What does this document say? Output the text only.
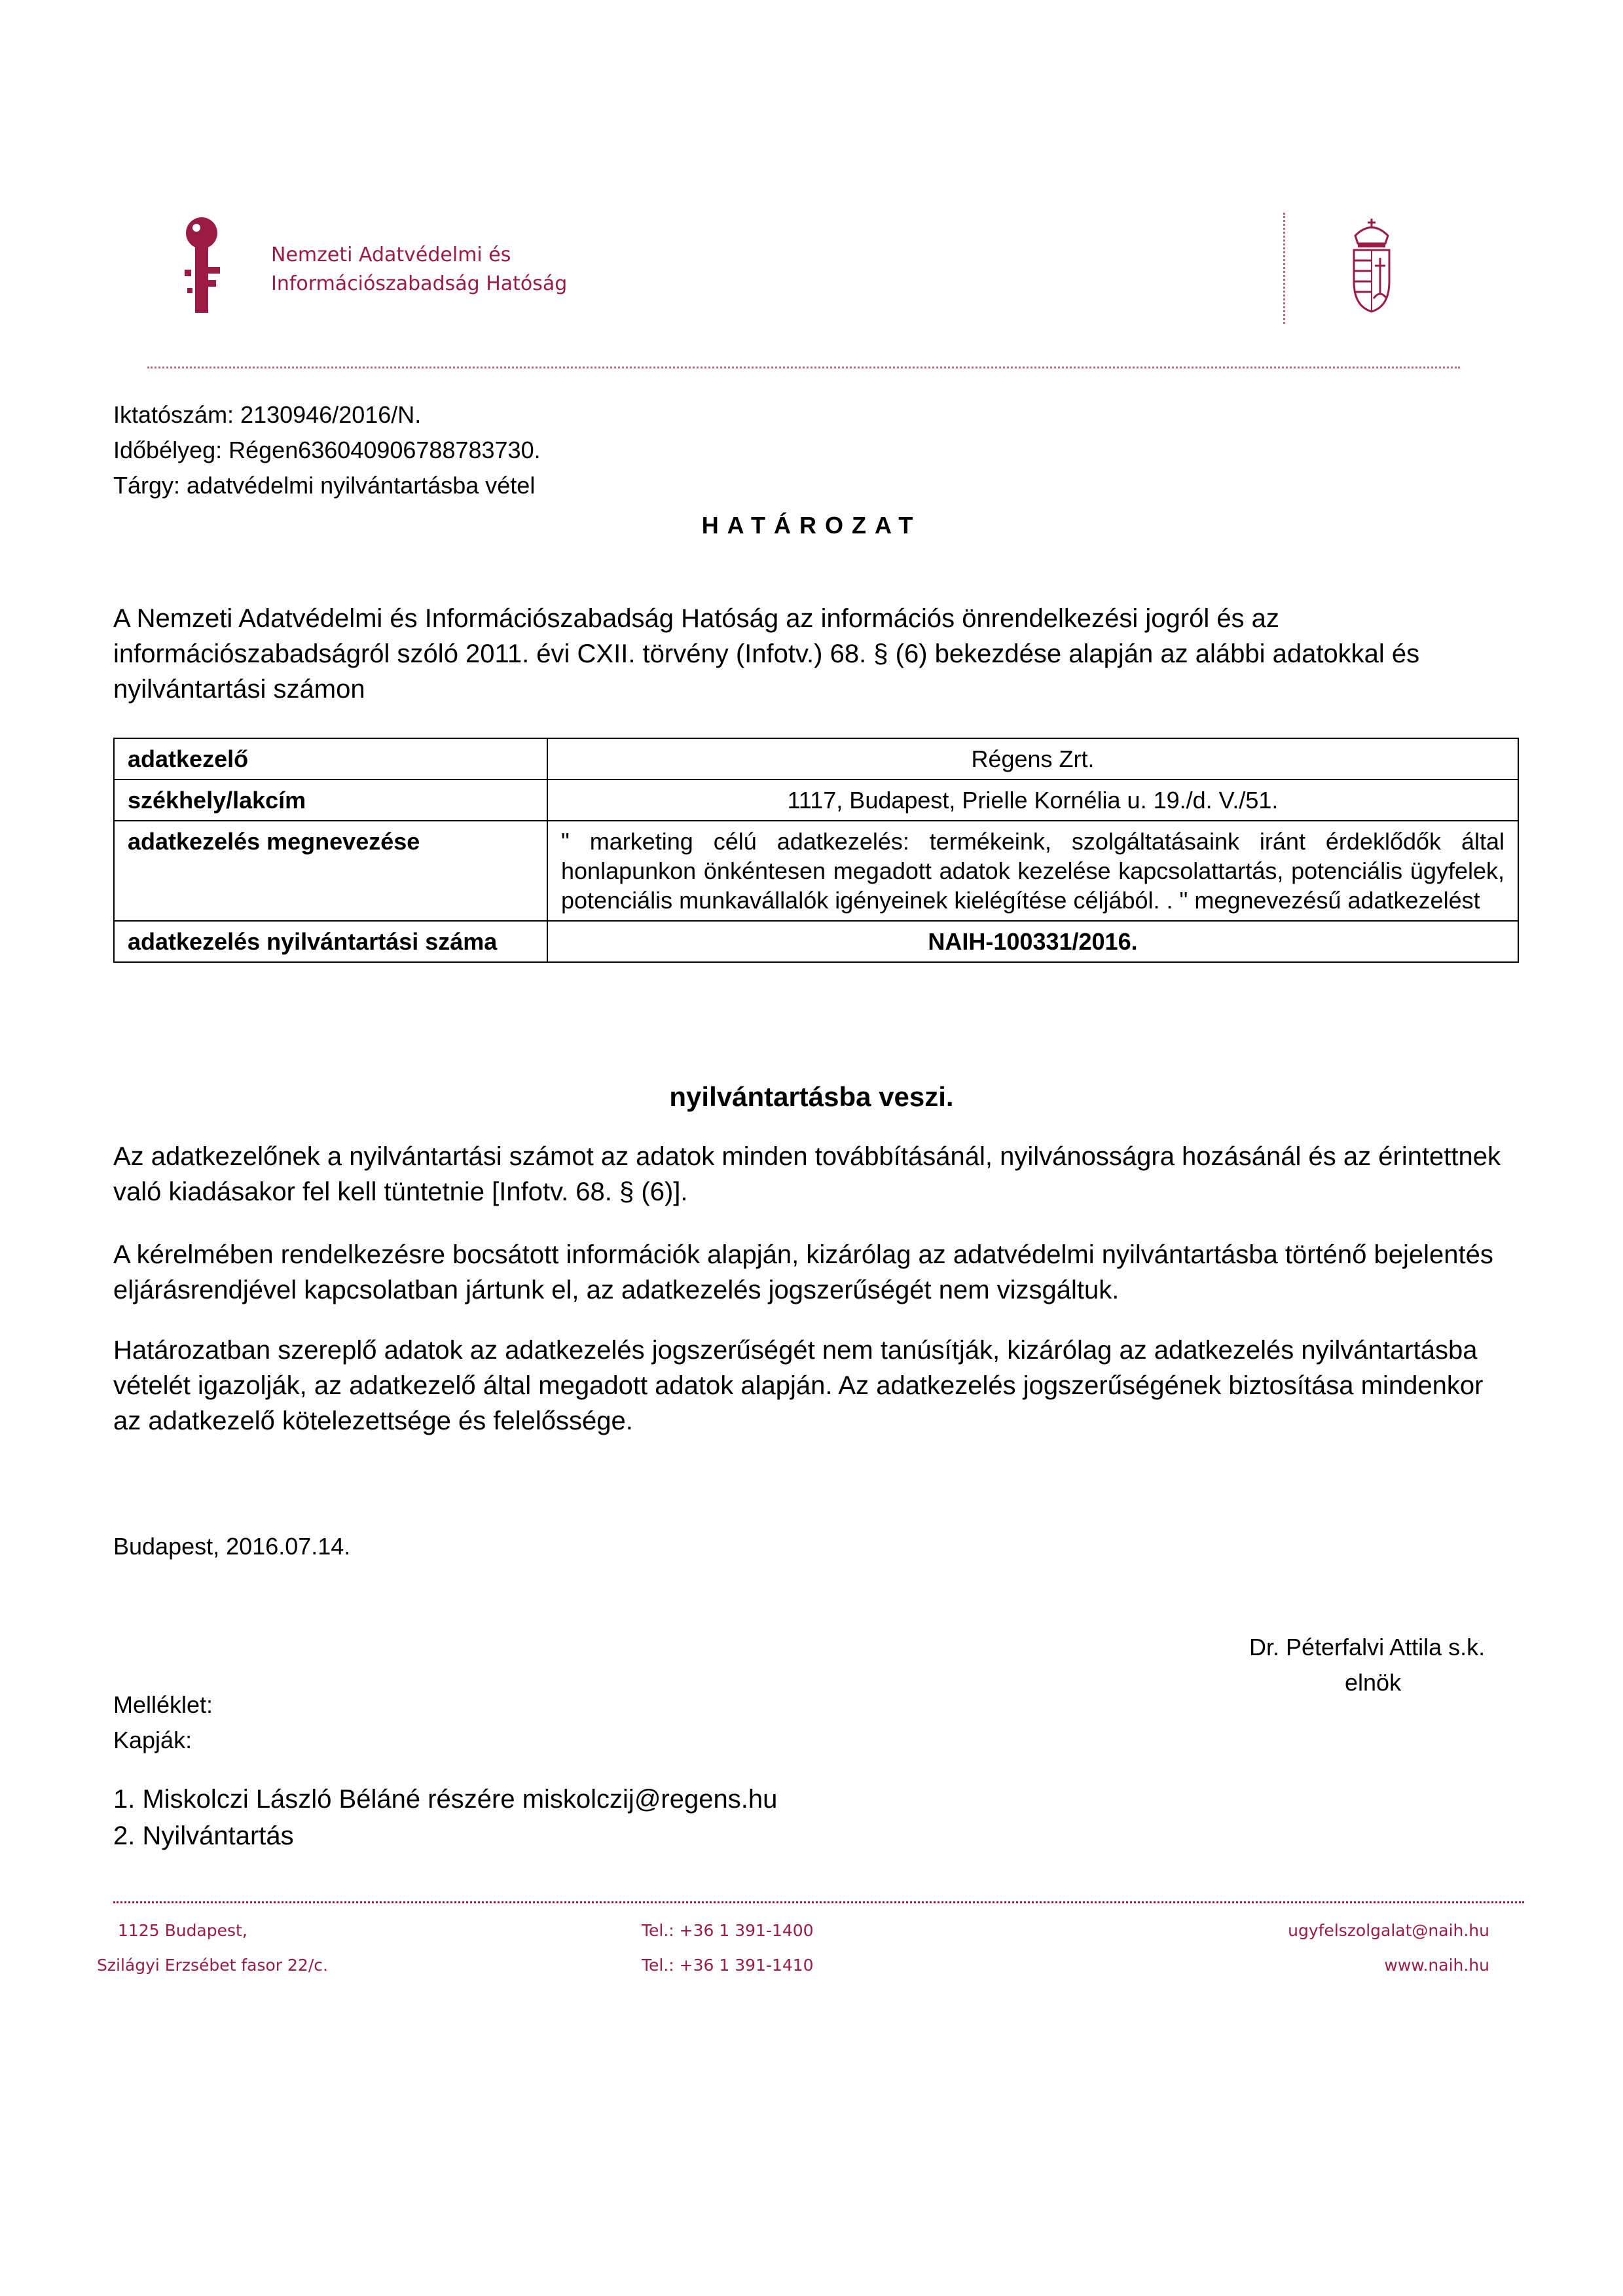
Nemzeti Adatvédelmi és
Információszabadság Hatóság
Iktatószám: 2130946/2016/N.
Időbélyeg: Régen636040906788783730.
Tárgy: adatvédelmi nyilvántartásba vétel
HATÁROZAT
A Nemzeti Adatvédelmi és Információszabadság Hatóság az információs önrendelkezési jogról és az információszabadságról szóló 2011. évi CXII. törvény (Infotv.) 68. § (6) bekezdése alapján az alábbi adatokkal és nyilvántartási számon
adatkezelő	Régens Zrt.
székhely/lakcím	1117, Budapest, Prielle Kornélia u. 19./d. V./51.
adatkezelés megnevezése	" marketing célú adatkezelés: termékeink, szolgáltatásaink iránt érdeklődők által honlapunkon önkéntesen megadott adatok kezelése kapcsolattartás, potenciális ügyfelek, potenciális munkavállalók igényeinek kielégítése céljából. . " megnevezésű adatkezelést
adatkezelés nyilvántartási száma	NAIH-100331/2016.
nyilvántartásba veszi.
Az adatkezelőnek a nyilvántartási számot az adatok minden továbbításánál, nyilvánosságra hozásánál és az érintettnek való kiadásakor fel kell tüntetnie [Infotv. 68. § (6)].
A kérelmében rendelkezésre bocsátott információk alapján, kizárólag az adatvédelmi nyilvántartásba történő bejelentés eljárásrendjével kapcsolatban jártunk el, az adatkezelés jogszerűségét nem vizsgáltuk.
Határozatban szereplő adatok az adatkezelés jogszerűségét nem tanúsítják, kizárólag az adatkezelés nyilvántartásba vételét igazolják, az adatkezelő által megadott adatok alapján. Az adatkezelés jogszerűségének biztosítása mindenkor az adatkezelő kötelezettsége és felelőssége.
Budapest, 2016.07.14.
Dr. Péterfalvi Attila s.k.
elnök
Melléklet:
Kapják:
1. Miskolczi László Béláné részére miskolczij@regens.hu
2. Nyilvántartás
1125 Budapest,
Szilágyi Erzsébet fasor 22/c.
Tel.: +36 1 391-1400
Tel.: +36 1 391-1410
ugyfelszolgalat@naih.hu
www.naih.hu
